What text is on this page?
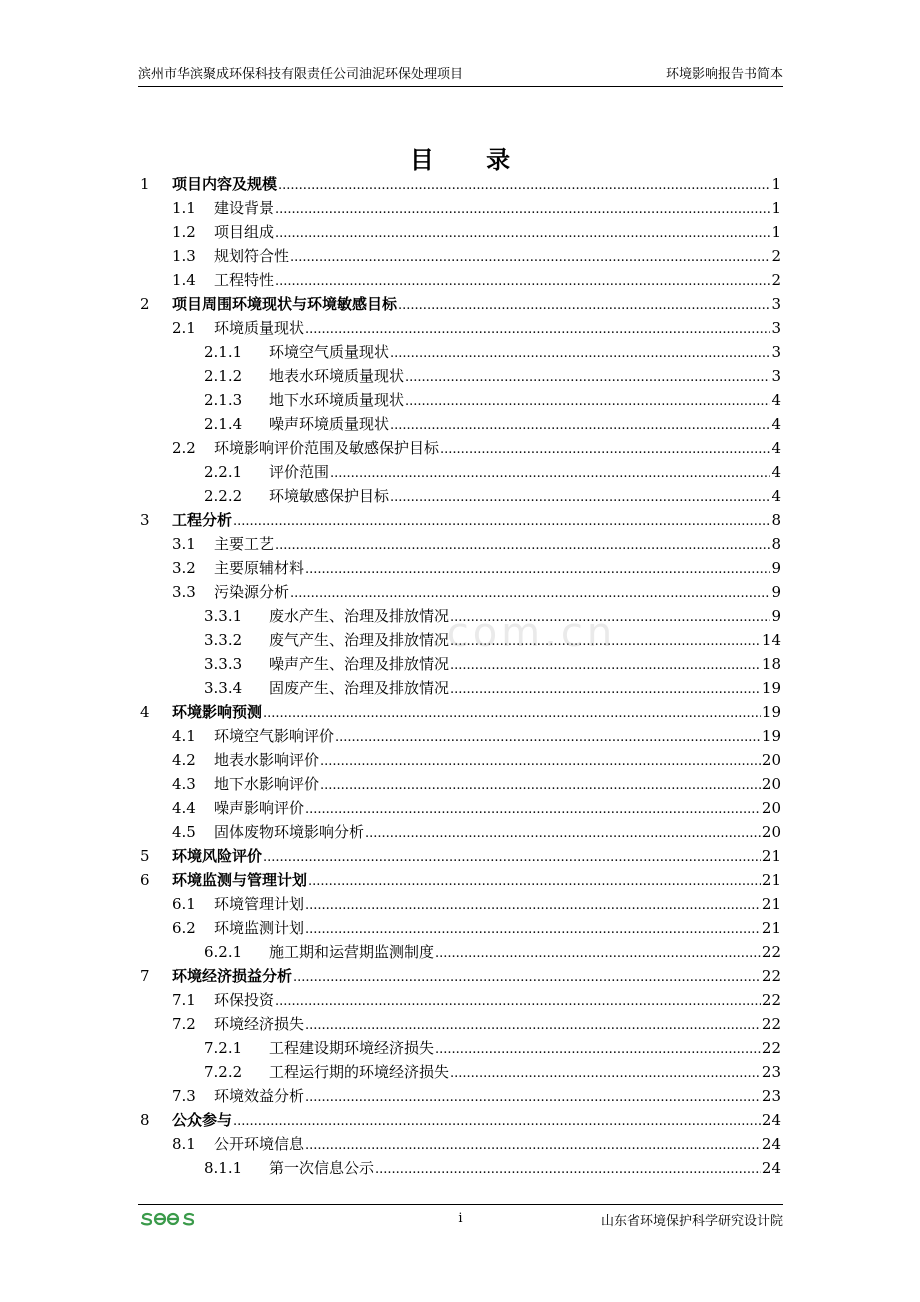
滨州市华滨聚成环保科技有限责任公司油泥环保处理项目	环境影响报告书简本
目 录
1	项目内容及规模 .....	1
1.1	建设背景 .....	1
1.2	项目组成 .....	1
1.3	规划符合性 .....	2
1.4	工程特性 .....	2
2	项目周围环境现状与环境敏感目标 .....	3
2.1	环境质量现状 .....	3
2.1.1	环境空气质量现状 .....	3
2.1.2	地表水环境质量现状 .....	3
2.1.3	地下水环境质量现状 .....	4
2.1.4	噪声环境质量现状 .....	4
2.2	环境影响评价范围及敏感保护目标 .....	4
2.2.1	评价范围 .....	4
2.2.2	环境敏感保护目标 .....	4
3	工程分析 .....	8
3.1	主要工艺 .....	8
3.2	主要原辅材料 .....	9
3.3	污染源分析 .....	9
3.3.1	废水产生、治理及排放情况 .....	9
3.3.2	废气产生、治理及排放情况 .....	14
3.3.3	噪声产生、治理及排放情况 .....	18
3.3.4	固废产生、治理及排放情况 .....	19
4	环境影响预测 .....	19
4.1	环境空气影响评价 .....	19
4.2	地表水影响评价 .....	20
4.3	地下水影响评价 .....	20
4.4	噪声影响评价 .....	20
4.5	固体废物环境影响分析 .....	20
5	环境风险评价 .....	21
6	环境监测与管理计划 .....	21
6.1	环境管理计划 .....	21
6.2	环境监测计划 .....	21
6.2.1	施工期和运营期监测制度 .....	22
7	环境经济损益分析 .....	22
7.1	环保投资 .....	22
7.2	环境经济损失 .....	22
7.2.1	工程建设期环境经济损失 .....	22
7.2.2	工程运行期的环境经济损失 .....	23
7.3	环境效益分析 .....	23
8	公众参与 .....	24
8.1	公开环境信息 .....	24
8.1.1	第一次信息公示 .....	24
.com.cn
i	山东省环境保护科学研究设计院
